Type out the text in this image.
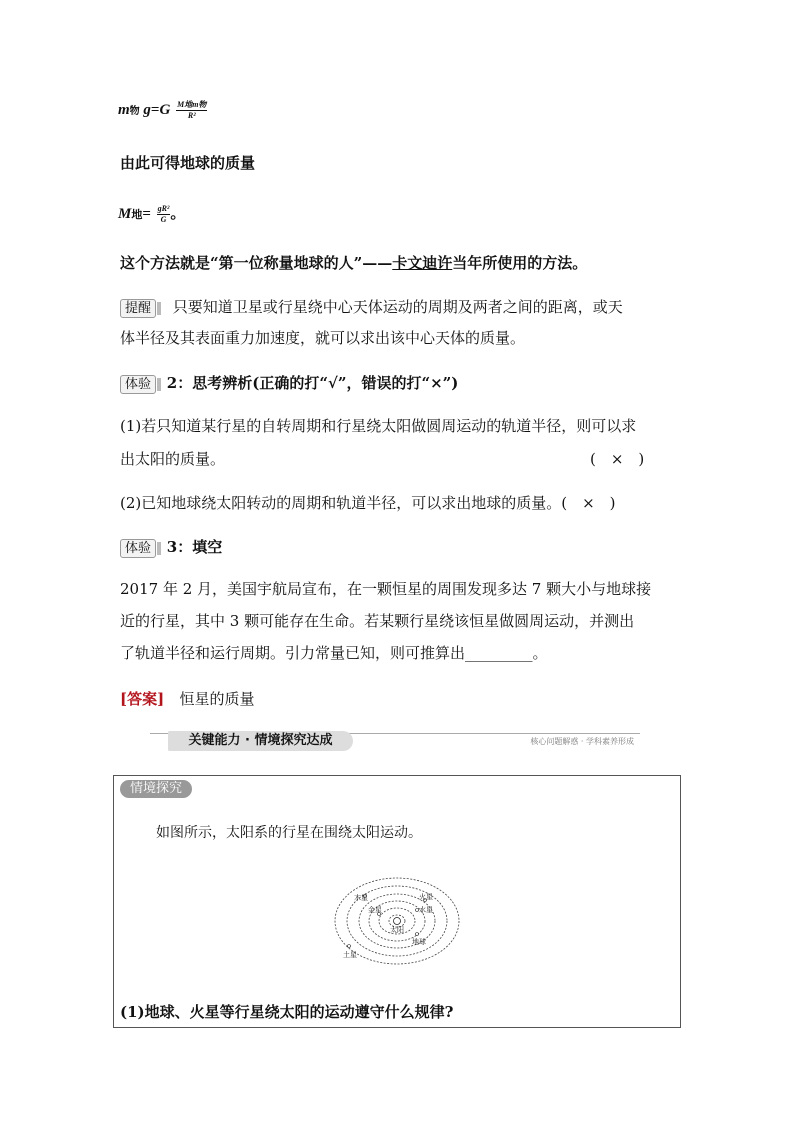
m物 $g=G \frac{\text{M地m物}}{\text{R²}}$
由此可得地球的质量
M地= $\frac{\text{gR²}}{G}$ 。
这个方法就是“第一位称量地球的人”——卡文迪许当年所使用的方法。
提醒 只要知道卫星或行星绕中心天体运动的周期及两者之间的距离，或天
体半径及其表面重力加速度，就可以求出该中心天体的质量。
体验 2：思考辨析(正确的打“√”，错误的打“×”)
(1)若只知道某行星的自转周期和行星绕太阳做圆周运动的轨道半径，则可以求
出太阳的质量。	(　×　)
(2)已知地球绕太阳转动的周期和轨道半径，可以求出地球的质量。(　×　)
体验 3：填空
2017 年 2 月，美国宇航局宣布，在一颗恒星的周围发现多达 7 颗大小与地球接
近的行星，其中 3 颗可能存在生命。若某颗行星绕该恒星做圆周运动，并测出
了轨道半径和运行周期。引力常量已知，则可推算出_________。
[答案] 恒星的质量
关键能力 · 情境探究达成	核心问题解惑 · 学科素养形成
情境探究
如图所示，太阳系的行星在围绕太阳运动。
太阳
水星
金星
地球
火星
木星
土星
(1)地球、火星等行星绕太阳的运动遵守什么规律?
